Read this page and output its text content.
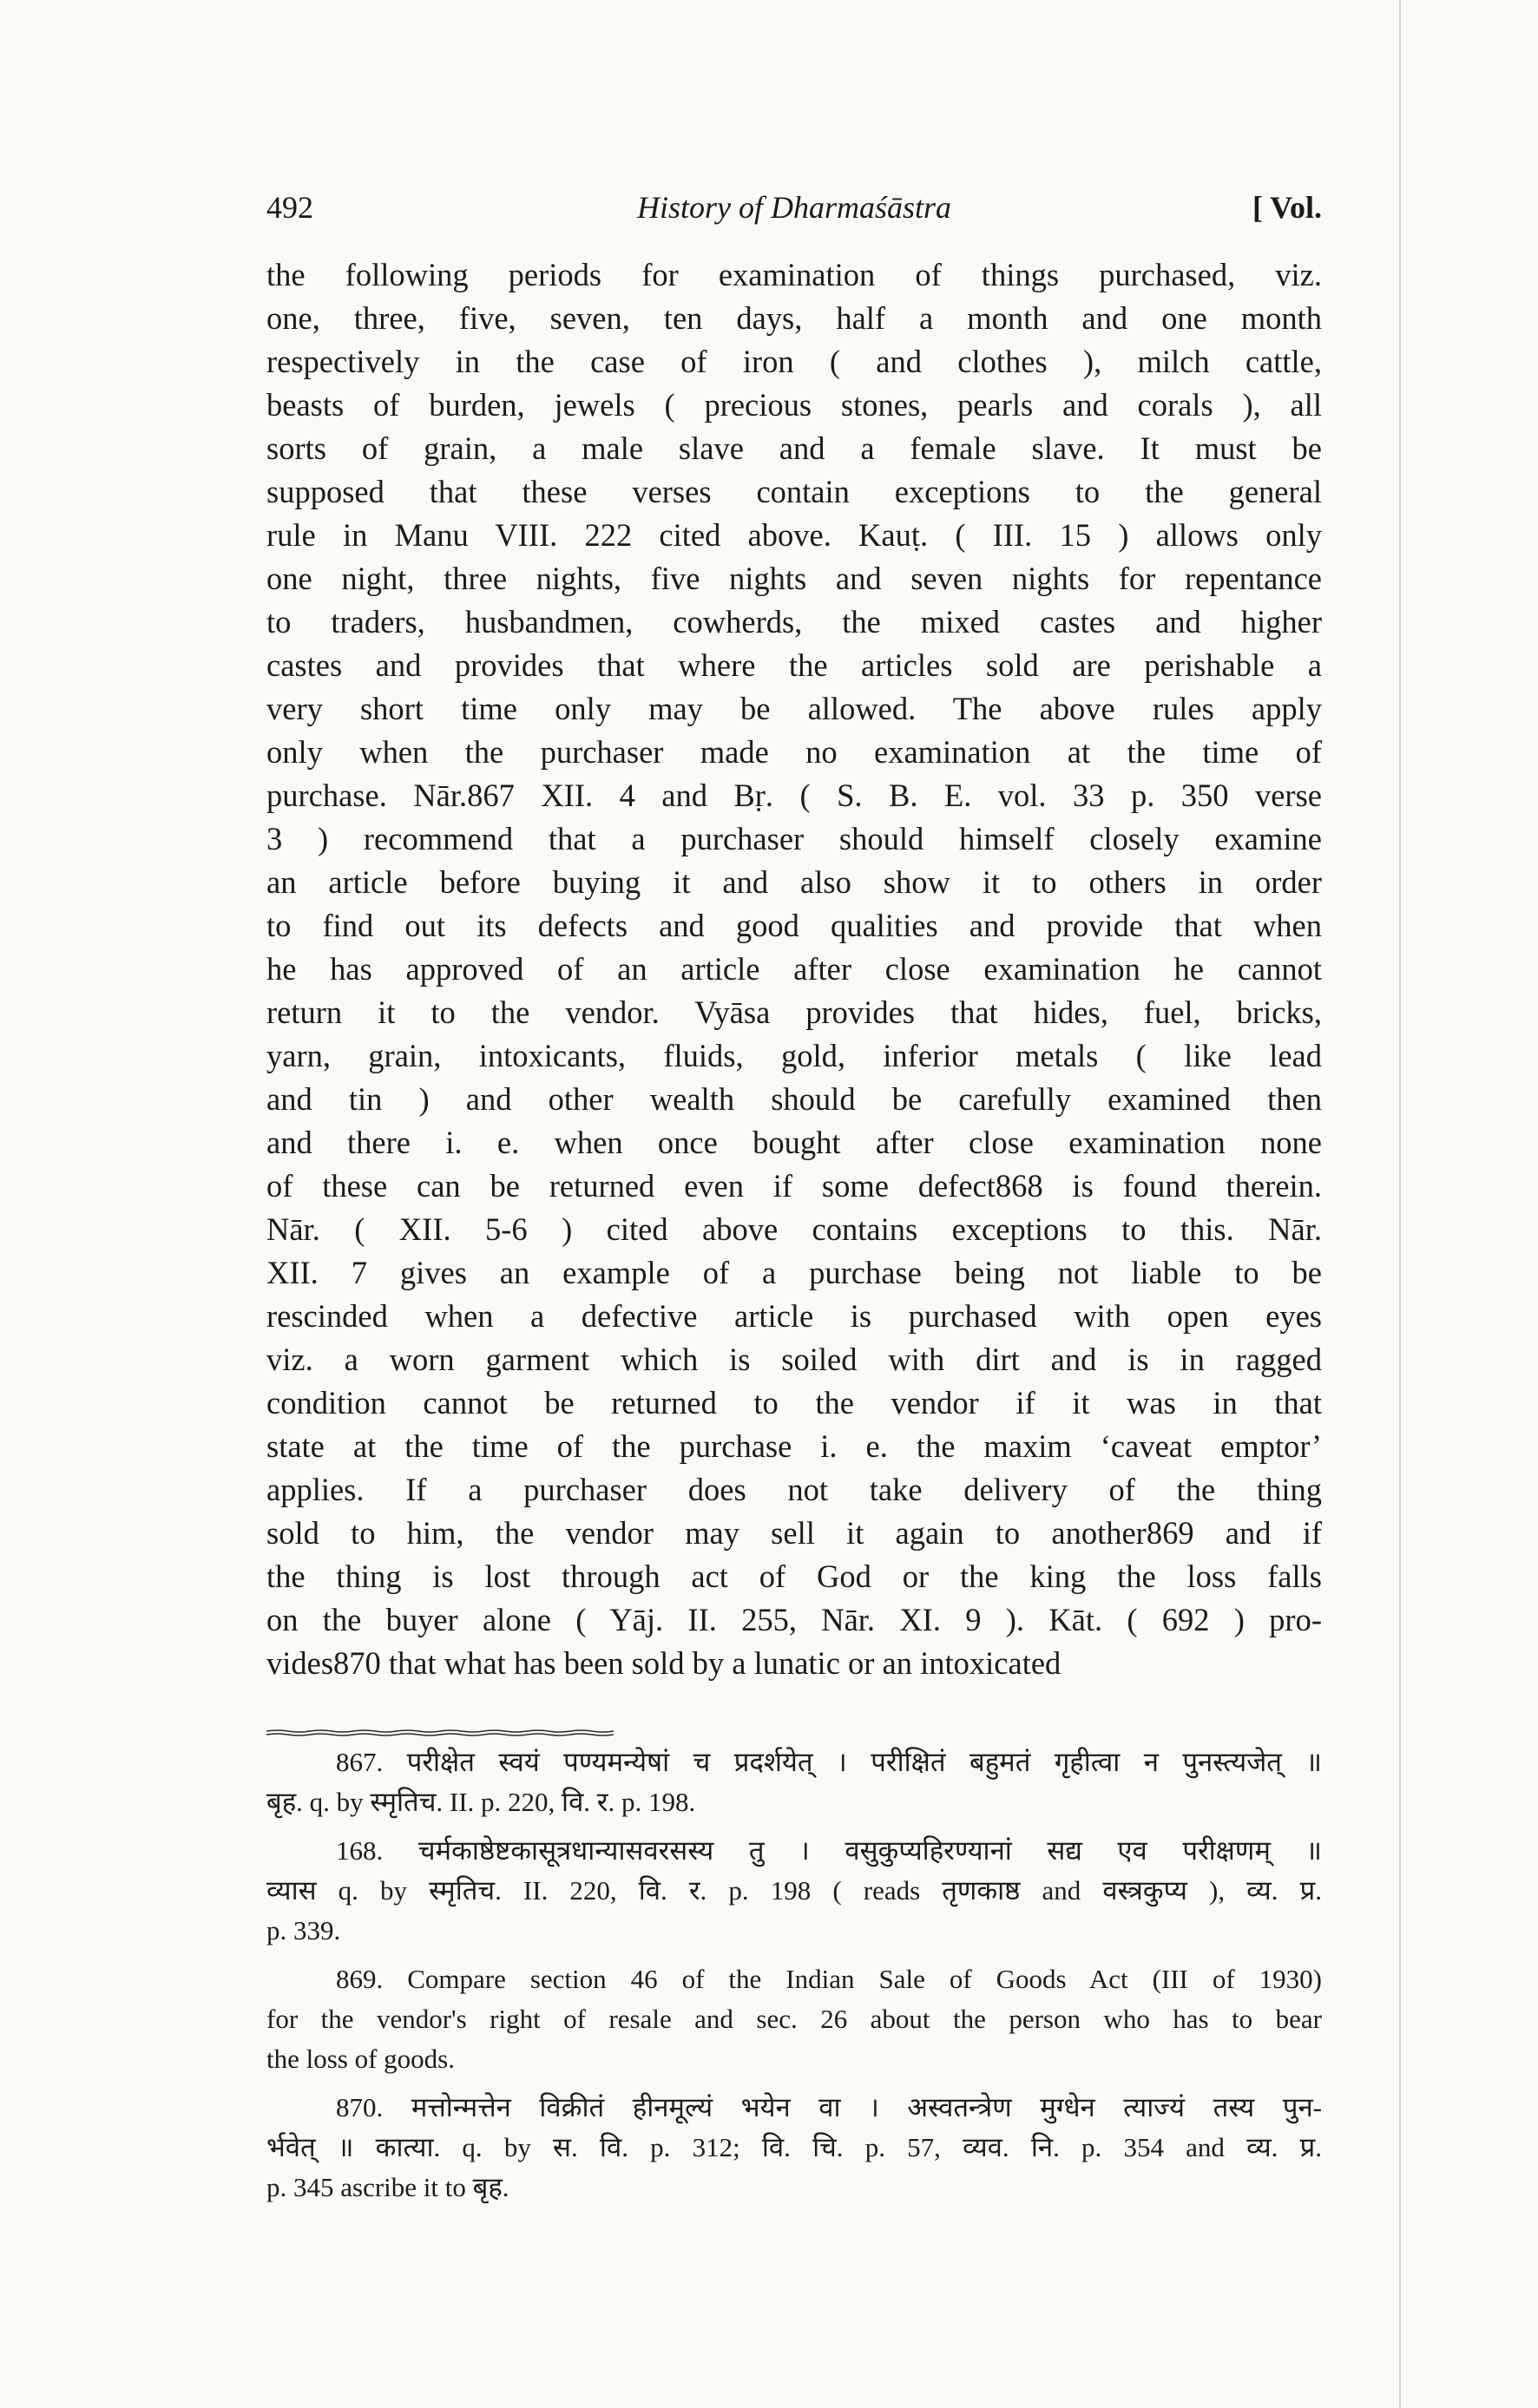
492	History of Dharmaśāstra	[ Vol.
the following periods for examination of things purchased, viz.
one, three, five, seven, ten days, half a month and one month
respectively in the case of iron ( and clothes ), milch cattle,
beasts of burden, jewels ( precious stones, pearls and corals ), all
sorts of grain, a male slave and a female slave. It must be
supposed that these verses contain exceptions to the general
rule in Manu VIII. 222 cited above. Kauṭ. ( III. 15 ) allows only
one night, three nights, five nights and seven nights for repentance
to traders, husbandmen, cowherds, the mixed castes and higher
castes and provides that where the articles sold are perishable a
very short time only may be allowed. The above rules apply
only when the purchaser made no examination at the time of
purchase. Nār.867 XII. 4 and Bṛ. ( S. B. E. vol. 33 p. 350 verse
3 ) recommend that a purchaser should himself closely examine
an article before buying it and also show it to others in order
to find out its defects and good qualities and provide that when
he has approved of an article after close examination he cannot
return it to the vendor. Vyāsa provides that hides, fuel, bricks,
yarn, grain, intoxicants, fluids, gold, inferior metals ( like lead
and tin ) and other wealth should be carefully examined then
and there i. e. when once bought after close examination none
of these can be returned even if some defect868 is found therein.
Nār. ( XII. 5-6 ) cited above contains exceptions to this. Nār.
XII. 7 gives an example of a purchase being not liable to be
rescinded when a defective article is purchased with open eyes
viz. a worn garment which is soiled with dirt and is in ragged
condition cannot be returned to the vendor if it was in that
state at the time of the purchase i. e. the maxim ‘caveat emptor’
applies. If a purchaser does not take delivery of the thing
sold to him, the vendor may sell it again to another869 and if
the thing is lost through act of God or the king the loss falls
on the buyer alone ( Yāj. II. 255, Nār. XI. 9 ). Kāt. ( 692 ) pro-
vides870 that what has been sold by a lunatic or an intoxicated
867. परीक्षेत स्वयं पण्यमन्येषां च प्रदर्शयेत् । परीक्षितं बहुमतं गृहीत्वा न पुनस्त्यजेत् ॥
बृह. q. by स्मृतिच. II. p. 220, वि. र. p. 198.
168. चर्मकाष्ठेष्टकासूत्रधान्यासवरसस्य तु । वसुकुप्यहिरण्यानां सद्य एव परीक्षणम् ॥
व्यास q. by स्मृतिच. II. 220, वि. र. p. 198 ( reads तृणकाष्ठ and वस्त्रकुप्य ), व्य. प्र.
p. 339.
869. Compare section 46 of the Indian Sale of Goods Act (III of 1930)
for the vendor's right of resale and sec. 26 about the person who has to bear
the loss of goods.
870. मत्तोन्मत्तेन विक्रीतं हीनमूल्यं भयेन वा । अस्वतन्त्रेण मुग्धेन त्याज्यं तस्य पुन-
र्भवेत् ॥ कात्या. q. by स. वि. p. 312; वि. चि. p. 57, व्यव. नि. p. 354 and व्य. प्र.
p. 345 ascribe it to बृह.
